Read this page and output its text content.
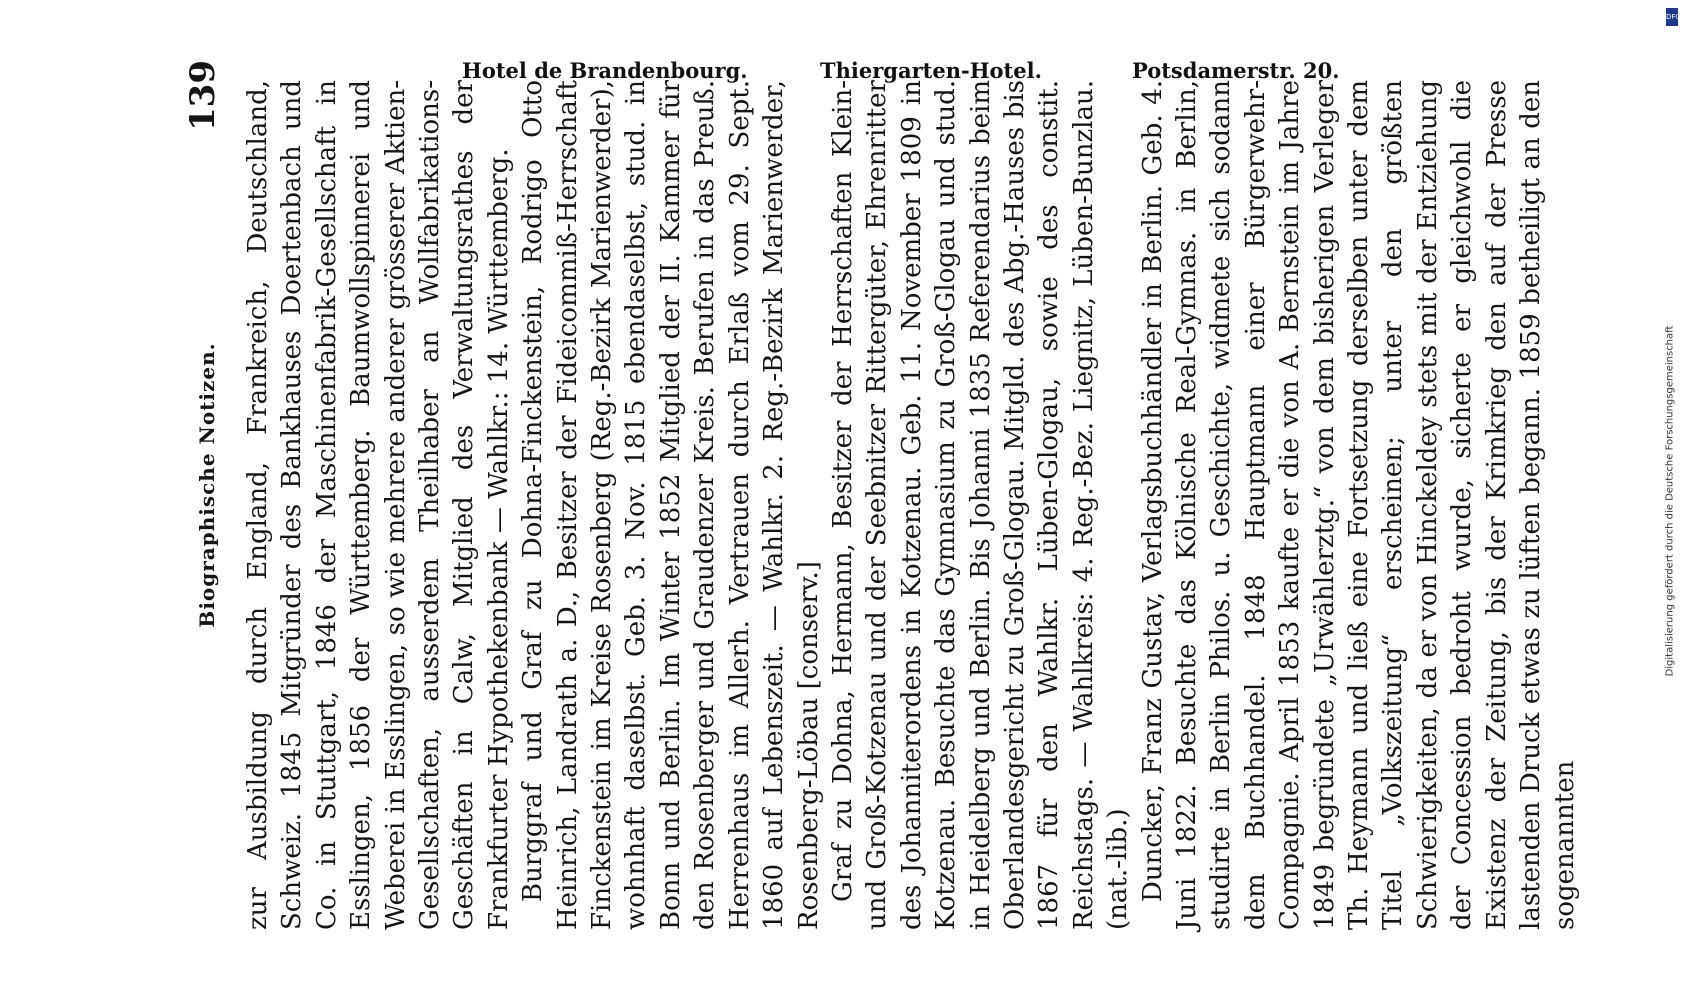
Biographische Notizen.
139 zur Ausbildung durch England, Frankreich, Deutschland, Schweiz. 1845 Mitgründer des Bankhauses Doertenbach und Co. in Stuttgart, 1846 der Maschinenfabrik-Gesellschaft in Esslingen, 1856 der Württemberg. Baumwollspinnerei und Weberei in Esslingen, so wie mehrere anderer grösserer Aktien-Gesellschaften, ausserdem Theilhaber an Wollfabrikations-Geschäften in Calw, Mitglied des Verwaltungsrathes der Frankfurter Hypothekenbank — Wahlkr.: 14. Württemberg. Burggraf und Graf zu Dohna-Finckenstein, Rodrigo Otto Heinrich, Landrath a. D., Besitzer der Fideicommiß-Herrschaft Finckenstein im Kreise Rosenberg (Reg.-Bezirk Marienwerder), wohnhaft daselbst. Geb. 3. Nov. 1815 ebendaselbst, stud. in Bonn und Berlin. Im Winter 1852 Mitglied der II. Kammer für den Rosenberger und Graudenzer Kreis. Berufen in das Preuß. Herrenhaus im Allerh. Vertrauen durch Erlaß vom 29. Sept. 1860 auf Lebenszeit. — Wahlkr. 2. Reg.-Bezirk Marienwerder, Rosenberg-Löbau [conserv.] Graf zu Dohna, Hermann, Besitzer der Herrschaften Klein- und Groß-Kotzenau und der Seebnitzer Rittergüter, Ehrenritter des Johanniterordens in Kotzenau. Geb. 11. November 1809 in Kotzenau. Besuchte das Gymnasium zu Groß-Glogau und stud. in Heidelberg und Berlin. Bis Johanni 1835 Referendarius beim Oberlandesgericht zu Groß-Glogau. Mitgld. des Abg.-Hauses bis 1867 für den Wahlkr. Lüben-Glogau, sowie des constit. Reichstags. — Wahlkreis: 4. Reg.-Bez. Liegnitz, Lüben-Bunzlau. (nat.-lib.) Duncker, Franz Gustav, Verlagsbuchhändler in Berlin. Geb. 4. Juni 1822. Besuchte das Kölnische Real-Gymnas. in Berlin, studirte in Berlin Philos. u. Geschichte, widmete sich sodann dem Buchhandel. 1848 Hauptmann einer Bürgerwehr-Compagnie. April 1853 kaufte er die von A. Bernstein im Jahre 1849 begründete „Urwählerztg.“ von dem bisherigen Verleger Th. Heymann und ließ eine Fortsetzung derselben unter dem Titel „Volkszeitung“ erscheinen; unter den größten Schwierigkeiten, da er von Hinckeldey stets mit der Entziehung der Concession bedroht wurde, sicherte er gleichwohl die Existenz der Zeitung, bis der Krimkrieg den auf der Presse lastenden Druck etwas zu lüften begann. 1859 betheiligt an den sogenannten

Hotel de Brandenbourg.	Thiergarten-Hotel.	Potsdamerstr. 20.
Digitalisierung gefördert durch die Deutsche Forschungsgemeinschaft
DFG
